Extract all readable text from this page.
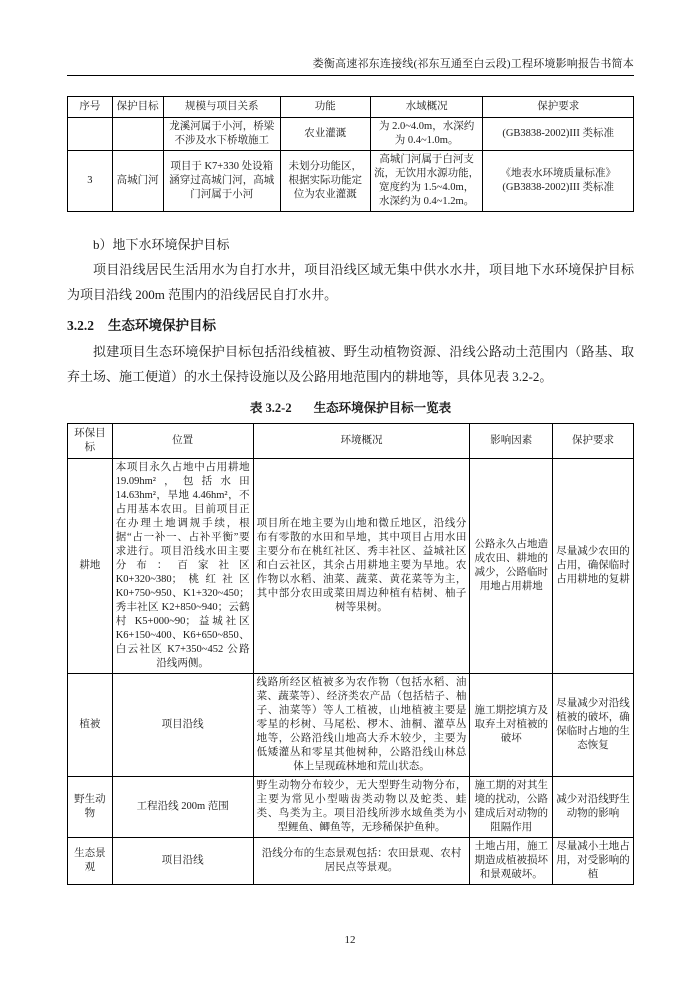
娄衡高速祁东连接线(祁东互通至白云段)工程环境影响报告书简本
序号	保护目标	规模与项目关系	功能	水域概况	保护要求
		龙溪河属于小河，桥梁不涉及水下桥墩施工	农业灌溉	为 2.0~4.0m，水深约为 0.4~1.0m。	(GB3838-2002)III 类标准
3	高城门河	项目于 K7+330 处设箱涵穿过高城门河，高城门河属于小河	未划分功能区，根据实际功能定位为农业灌溉	高城门河属于白河支流，无饮用水源功能，宽度约为 1.5~4.0m，水深约为 0.4~1.2m。	《地表水环境质量标准》 (GB3838-2002)III 类标准

b）地下水环境保护目标

项目沿线居民生活用水为自打水井，项目沿线区域无集中供水水井，项目地下水环境保护目标为项目沿线 200m 范围内的沿线居民自打水井。

3.2.2 生态环境保护目标

拟建项目生态环境保护目标包括沿线植被、野生动植物资源、沿线公路动土范围内（路基、取弃土场、施工便道）的水土保持设施以及公路用地范围内的耕地等，具体见表 3.2-2。

表 3.2-2 生态环境保护目标一览表

环保目标	位置	环境概况	影响因素	保护要求
耕地	本项目永久占地中占用耕地 19.09hm²，包括水田 14.63hm²，旱地 4.46hm²，不占用基本农田。目前项目正在办理土地调规手续，根据“占一补一、占补平衡”要求进行。项目沿线水田主要分布：百家社区 K0+320~380；桃红社区 K0+750~950、K1+320~450；秀丰社区 K2+850~940；云鹤村 K5+000~90；益城社区 K6+150~400、K6+650~850、白云社区 K7+350~452 公路沿线两侧。	项目所在地主要为山地和微丘地区，沿线分布有零散的水田和旱地，其中项目占用水田主要分布在桃红社区、秀丰社区、益城社区和白云社区，其余占用耕地主要为旱地。农作物以水稻、油菜、蔬菜、黄花菜等为主，其中部分农田或菜田周边种植有桔树、柚子树等果树。	公路永久占地造成农田、耕地的减少，公路临时用地占用耕地	尽量减少农田的占用，确保临时占用耕地的复耕
植被	项目沿线	线路所经区植被多为农作物（包括水稻、油菜、蔬菜等）、经济类农产品（包括桔子、柚子、油菜等）等人工植被，山地植被主要是零星的杉树、马尾松、椤木、油桐、灌草丛地等，公路沿线山地高大乔木较少，主要为低矮灌丛和零星其他树种，公路沿线山林总体上呈现疏林地和荒山状态。	施工期挖填方及取弃土对植被的破坏	尽量减少对沿线植被的破坏，确保临时占地的生态恢复
野生动物	工程沿线 200m 范围	野生动物分布较少，无大型野生动物分布，主要为常见小型啮齿类动物以及蛇类、蛙类、鸟类为主。项目沿线所涉水域鱼类为小型鲤鱼、鲫鱼等，无珍稀保护鱼种。	施工期的对其生境的扰动，公路建成后对动物的阻隔作用	减少对沿线野生动物的影响
生态景观	项目沿线	沿线分布的生态景观包括：农田景观、农村居民点等景观。	土地占用，施工期造成植被损坏和景观破坏。	尽量减小土地占用，对受影响的植
12
